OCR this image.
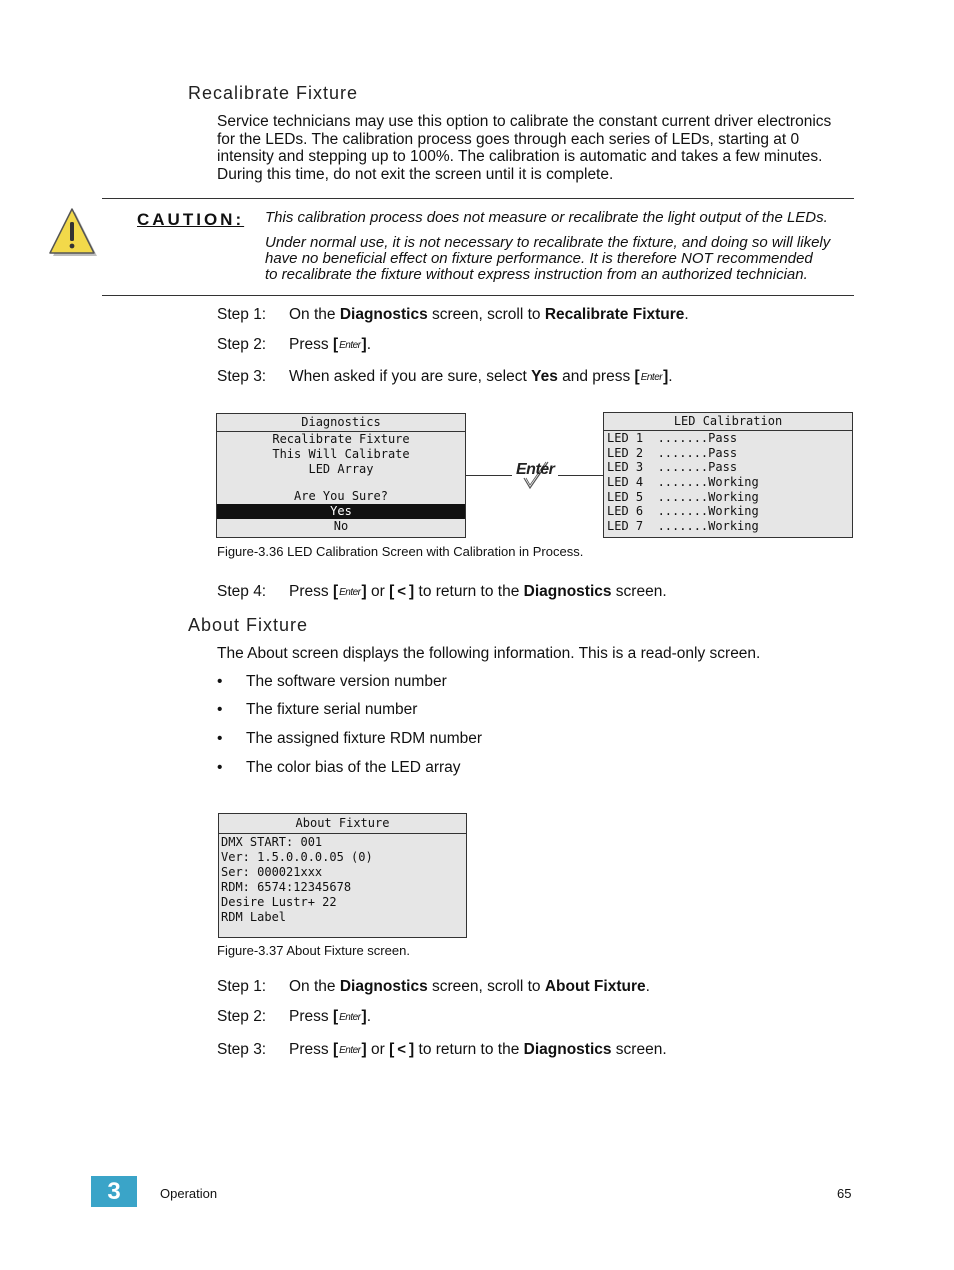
Recalibrate Fixture
Service technicians may use this option to calibrate the constant current driver electronics
for the LEDs. The calibration process goes through each series of LEDs, starting at 0
intensity and stepping up to 100%. The calibration is automatic and takes a few minutes.
During this time, do not exit the screen until it is complete.
CAUTION: This calibration process does not measure or recalibrate the light output of the LEDs.
Under normal use, it is not necessary to recalibrate the fixture, and doing so will likely
have no beneficial effect on fixture performance. It is therefore NOT recommended
to recalibrate the fixture without express instruction from an authorized technician.
Step 1: On the Diagnostics screen, scroll to Recalibrate Fixture.
Step 2: Press [Enter].
Step 3: When asked if you are sure, select Yes and press [Enter].
Diagnostics
Recalibrate Fixture
This Will Calibrate
LED Array
Are You Sure?
Yes
No
Enter
LED Calibration
LED 1  .......Pass
LED 2  .......Pass
LED 3  .......Pass
LED 4  .......Working
LED 5  .......Working
LED 6  .......Working
LED 7  .......Working
Figure-3.36 LED Calibration Screen with Calibration in Process.
Step 4: Press [Enter] or [ < ] to return to the Diagnostics screen.
About Fixture
The About screen displays the following information. This is a read-only screen.
• The software version number
• The fixture serial number
• The assigned fixture RDM number
• The color bias of the LED array
About Fixture
DMX START: 001
Ver: 1.5.0.0.0.05 (0)
Ser: 000021xxx
RDM: 6574:12345678
Desire Lustr+ 22
RDM Label
Figure-3.37 About Fixture screen.
Step 1: On the Diagnostics screen, scroll to About Fixture.
Step 2: Press [Enter].
Step 3: Press [Enter] or [ < ] to return to the Diagnostics screen.
3	Operation	65
